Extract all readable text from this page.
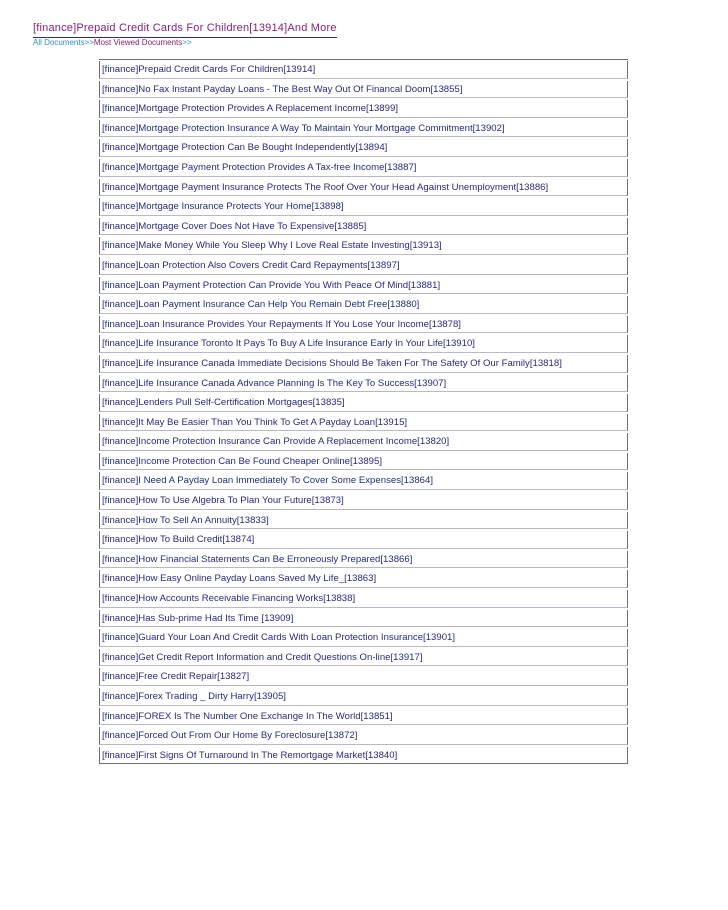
[finance]Prepaid Credit Cards For Children[13914]And More
All Documents>>Most Viewed Documents>>
[finance]Prepaid Credit Cards For Children[13914]
[finance]No Fax Instant Payday Loans - The Best Way Out Of Financal Doom[13855]
[finance]Mortgage Protection Provides A Replacement Income[13899]
[finance]Mortgage Protection Insurance A Way To Maintain Your Mortgage Commitment[13902]
[finance]Mortgage Protection Can Be Bought Independently[13894]
[finance]Mortgage Payment Protection Provides A Tax-free Income[13887]
[finance]Mortgage Payment Insurance Protects The Roof Over Your Head Against Unemployment[13886]
[finance]Mortgage Insurance Protects Your Home[13898]
[finance]Mortgage Cover Does Not Have To Expensive[13885]
[finance]Make Money While You Sleep Why I Love Real Estate Investing[13913]
[finance]Loan Protection Also Covers Credit Card Repayments[13897]
[finance]Loan Payment Protection Can Provide You With Peace Of Mind[13881]
[finance]Loan Payment Insurance Can Help You Remain Debt Free[13880]
[finance]Loan Insurance Provides Your Repayments If You Lose Your Income[13878]
[finance]Life Insurance Toronto It Pays To Buy A Life Insurance Early In Your Life[13910]
[finance]Life Insurance Canada Immediate Decisions Should Be Taken For The Safety Of Our Family[13818]
[finance]Life Insurance Canada Advance Planning Is The Key To Success[13907]
[finance]Lenders Pull Self-Certification Mortgages[13835]
[finance]It May Be Easier Than You Think To Get A Payday Loan[13915]
[finance]Income Protection Insurance Can Provide A Replacement Income[13820]
[finance]Income Protection Can Be Found Cheaper Online[13895]
[finance]I Need A Payday Loan Immediately To Cover Some Expenses[13864]
[finance]How To Use Algebra To Plan Your Future[13873]
[finance]How To Sell An Annuity[13833]
[finance]How To Build Credit[13874]
[finance]How Financial Statements Can Be Erroneously Prepared[13866]
[finance]How Easy Online Payday Loans Saved My Life_[13863]
[finance]How Accounts Receivable Financing Works[13838]
[finance]Has Sub-prime Had Its Time [13909]
[finance]Guard Your Loan And Credit Cards With Loan Protection Insurance[13901]
[finance]Get Credit Report Information and Credit Questions On-line[13917]
[finance]Free Credit Repair[13827]
[finance]Forex Trading _ Dirty Harry[13905]
[finance]FOREX Is The Number One Exchange In The World[13851]
[finance]Forced Out From Our Home By Foreclosure[13872]
[finance]First Signs Of Turnaround In The Remortgage Market[13840]
